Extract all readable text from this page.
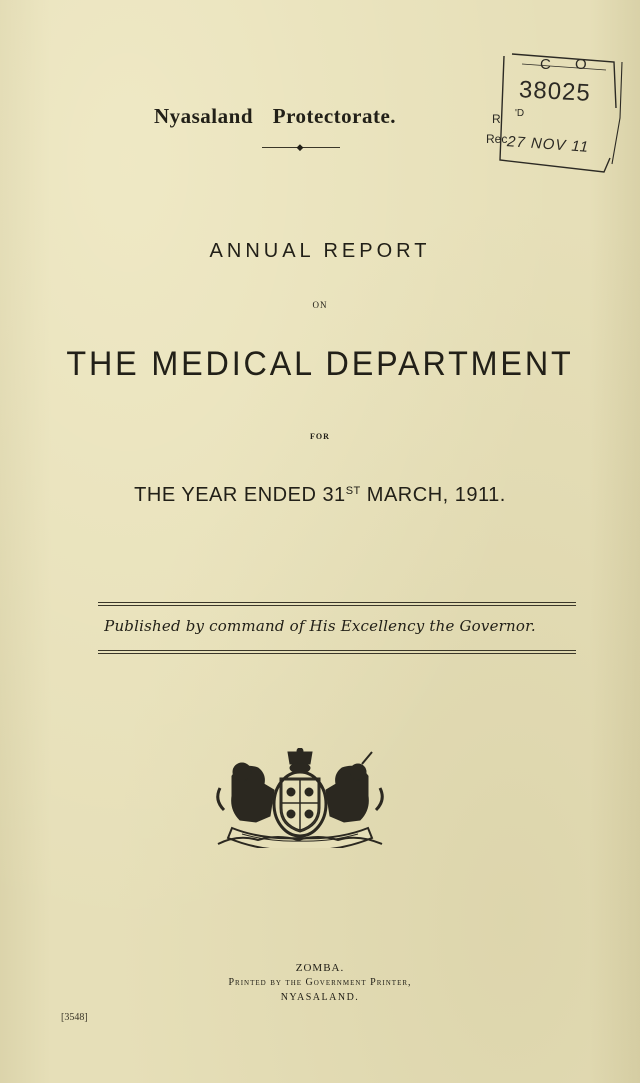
C O
38025
R 'D
Rec 27 NOV 11
Nyasaland Protectorate.
◆
ANNUAL REPORT
ON
THE MEDICAL DEPARTMENT
FOR
THE YEAR ENDED 31ST MARCH, 1911.
Published by command of His Excellency the Governor.
ZOMBA.
Printed by the Government Printer,
NYASALAND.
[3548]
